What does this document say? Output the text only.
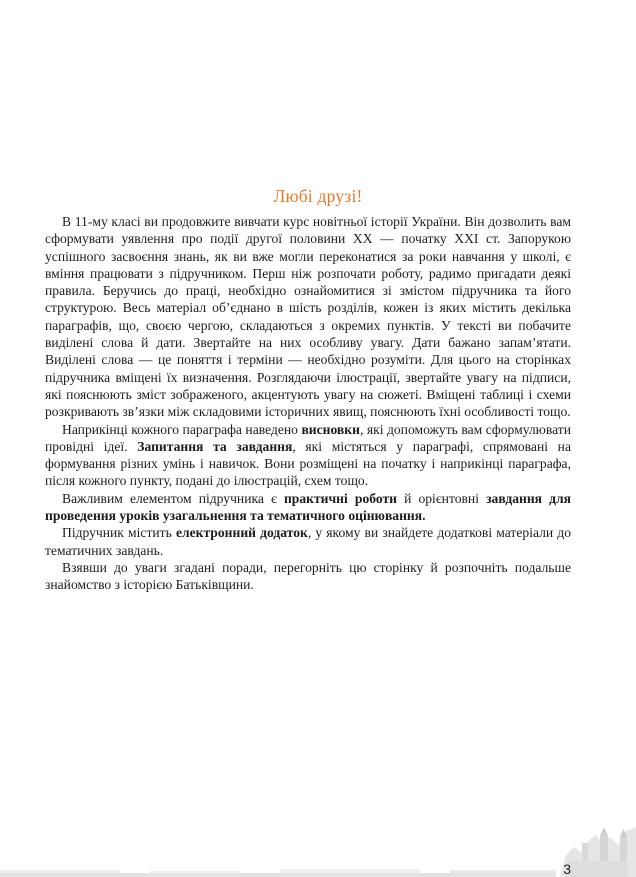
Любі друзі!

В 11-му класі ви продовжите вивчати курс новітньої історії України. Він дозволить вам сформувати уявлення про події другої половини ХХ — початку ХХІ ст. Запорукою успішного засвоєння знань, як ви вже могли переконатися за роки навчання у школі, є вміння працювати з підручником. Перш ніж розпочати роботу, радимо пригадати деякі правила. Беручись до праці, необхідно ознайомитися зі змістом підручника та його структурою. Весь матеріал об’єднано в шість розділів, кожен із яких містить декілька параграфів, що, своєю чергою, складаються з окремих пунктів. У тексті ви побачите виділені слова й дати. Звертайте на них особливу увагу. Дати бажано запам’ятати. Виділені слова — це поняття і терміни — необхідно розуміти. Для цього на сторінках підручника вміщені їх визначення. Розглядаючи ілюстрації, звертайте увагу на підписи, які пояснюють зміст зображеного, акцентують увагу на сюжеті. Вміщені таблиці і схеми розкривають зв’язки між складовими історичних явищ, пояснюють їхні особливості тощо.

Наприкінці кожного параграфа наведено висновки, які допоможуть вам сформулювати провідні ідеї. Запитання та завдання, які містяться у параграфі, спрямовані на формування різних умінь і навичок. Вони розміщені на початку і наприкінці параграфа, після кожного пункту, подані до ілюстрацій, схем тощо.

Важливим елементом підручника є практичні роботи й орієнтовні завдання для проведення уроків узагальнення та тематичного оцінювання.

Підручник містить електронний додаток, у якому ви знайдете додаткові матеріали до тематичних завдань.

Взявши до уваги згадані поради, перегорніть цю сторінку й розпочніть подальше знайомство з історією Батьківщини.

3
